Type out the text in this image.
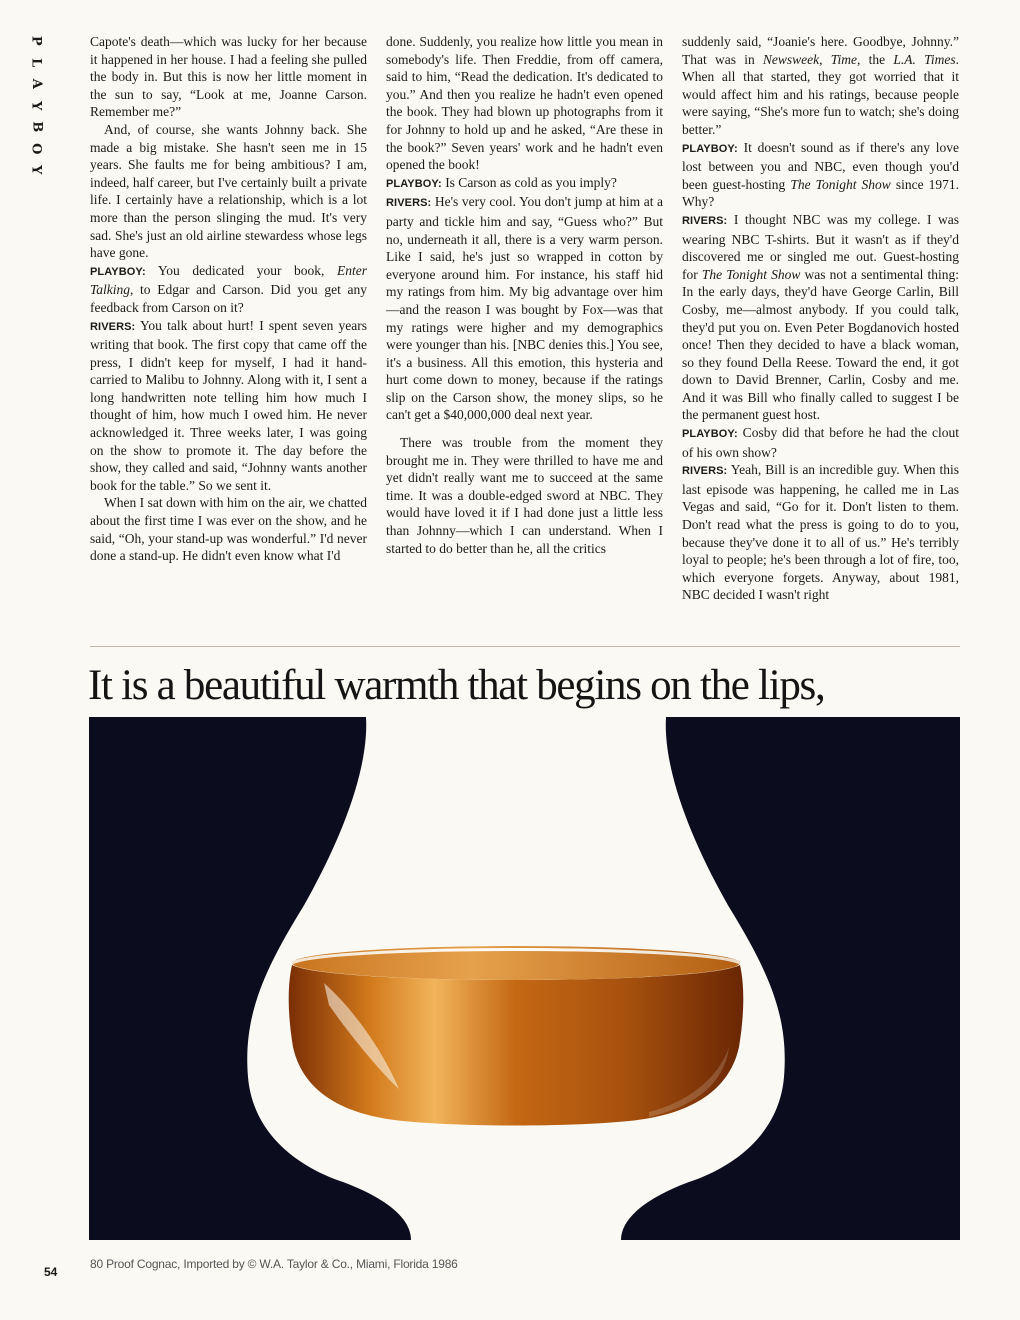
P
L
A
Y
B
O
Y

Capote's death—which was lucky for her because it happened in her house. I had a feeling she pulled the body in. But this is now her little moment in the sun to say, “Look at me, Joanne Carson. Remember me?”

And, of course, she wants Johnny back. She made a big mistake. She hasn't seen me in 15 years. She faults me for being ambitious? I am, indeed, half career, but I've certainly built a private life. I certainly have a relationship, which is a lot more than the person slinging the mud. It's very sad. She's just an old airline stewardess whose legs have gone.

PLAYBOY: You dedicated your book, Enter Talking, to Edgar and Carson. Did you get any feedback from Carson on it?

RIVERS: You talk about hurt! I spent seven years writing that book. The first copy that came off the press, I didn't keep for myself, I had it hand-carried to Malibu to Johnny. Along with it, I sent a long handwritten note telling him how much I thought of him, how much I owed him. He never acknowledged it. Three weeks later, I was going on the show to promote it. The day before the show, they called and said, “Johnny wants another book for the table.” So we sent it.

When I sat down with him on the air, we chatted about the first time I was ever on the show, and he said, “Oh, your stand-up was wonderful.” I'd never done a stand-up. He didn't even know what I'd

done. Suddenly, you realize how little you mean in somebody's life. Then Freddie, from off camera, said to him, “Read the dedication. It's dedicated to you.” And then you realize he hadn't even opened the book. They had blown up photographs from it for Johnny to hold up and he asked, “Are these in the book?” Seven years' work and he hadn't even opened the book!

PLAYBOY: Is Carson as cold as you imply?

RIVERS: He's very cool. You don't jump at him at a party and tickle him and say, “Guess who?” But no, underneath it all, there is a very warm person. Like I said, he's just so wrapped in cotton by everyone around him. For instance, his staff hid my ratings from him. My big advantage over him—and the reason I was bought by Fox—was that my ratings were higher and my demographics were younger than his. [NBC denies this.] You see, it's a business. All this emotion, this hysteria and hurt come down to money, because if the ratings slip on the Carson show, the money slips, so he can't get a $40,000,000 deal next year.

There was trouble from the moment they brought me in. They were thrilled to have me and yet didn't really want me to succeed at the same time. It was a double-edged sword at NBC. They would have loved it if I had done just a little less than Johnny—which I can understand. When I started to do better than he, all the critics

suddenly said, “Joanie's here. Goodbye, Johnny.” That was in Newsweek, Time, the L.A. Times. When all that started, they got worried that it would affect him and his ratings, because people were saying, “She's more fun to watch; she's doing better.”

PLAYBOY: It doesn't sound as if there's any love lost between you and NBC, even though you'd been guest-hosting The Tonight Show since 1971. Why?

RIVERS: I thought NBC was my college. I was wearing NBC T-shirts. But it wasn't as if they'd discovered me or singled me out. Guest-hosting for The Tonight Show was not a sentimental thing: In the early days, they'd have George Carlin, Bill Cosby, me—almost anybody. If you could talk, they'd put you on. Even Peter Bogdanovich hosted once! Then they decided to have a black woman, so they found Della Reese. Toward the end, it got down to David Brenner, Carlin, Cosby and me. And it was Bill who finally called to suggest I be the permanent guest host.

PLAYBOY: Cosby did that before he had the clout of his own show?

RIVERS: Yeah, Bill is an incredible guy. When this last episode was happening, he called me in Las Vegas and said, “Go for it. Don't listen to them. Don't read what the press is going to do to you, because they've done it to all of us.” He's terribly loyal to people; he's been through a lot of fire, too, which everyone forgets. Anyway, about 1981, NBC decided I wasn't right

It is a beautiful warmth that begins on the lips,
54
80 Proof Cognac, Imported by © W.A. Taylor & Co., Miami, Florida 1986
